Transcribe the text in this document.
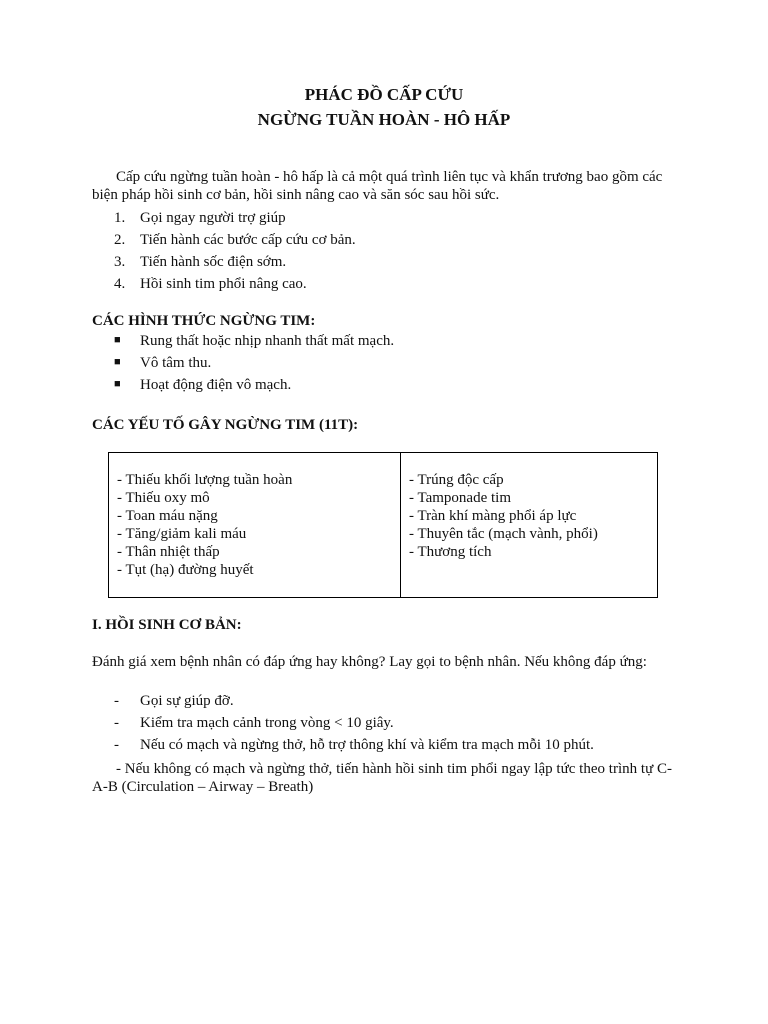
PHÁC ĐỒ CẤP CỨU
NGỪNG TUẦN HOÀN - HÔ HẤP

Cấp cứu ngừng tuần hoàn - hô hấp là cả một quá trình liên tục và khẩn trương bao gồm các biện pháp hồi sinh cơ bản, hồi sinh nâng cao và săn sóc sau hồi sức.

1. Gọi ngay người trợ giúp
2. Tiến hành các bước cấp cứu cơ bản.
3. Tiến hành sốc điện sớm.
4. Hồi sinh tim phổi nâng cao.
CÁC HÌNH THỨC NGỪNG TIM:
■ Rung thất hoặc nhịp nhanh thất mất mạch.
■ Vô tâm thu.
■ Hoạt động điện vô mạch.
CÁC YẾU TỐ GÂY NGỪNG TIM (11T):
- Thiếu khối lượng tuần hoàn
- Thiếu oxy mô
- Toan máu nặng
- Tăng/giảm kali máu
- Thân nhiệt thấp
- Tụt (hạ) đường huyết
- Trúng độc cấp
- Tamponade tim
- Tràn khí màng phổi áp lực
- Thuyên tắc (mạch vành, phổi)
- Thương tích
I. HỒI SINH CƠ BẢN:

Đánh giá xem bệnh nhân có đáp ứng hay không? Lay gọi to bệnh nhân. Nếu không đáp ứng:

- Gọi sự giúp đỡ.
- Kiểm tra mạch cảnh trong vòng < 10 giây.
- Nếu có mạch và ngừng thở, hỗ trợ thông khí và kiểm tra mạch mỗi 10 phút.

- Nếu không có mạch và ngừng thở, tiến hành hồi sinh tim phổi ngay lập tức theo trình tự C-A-B (Circulation – Airway – Breath)
